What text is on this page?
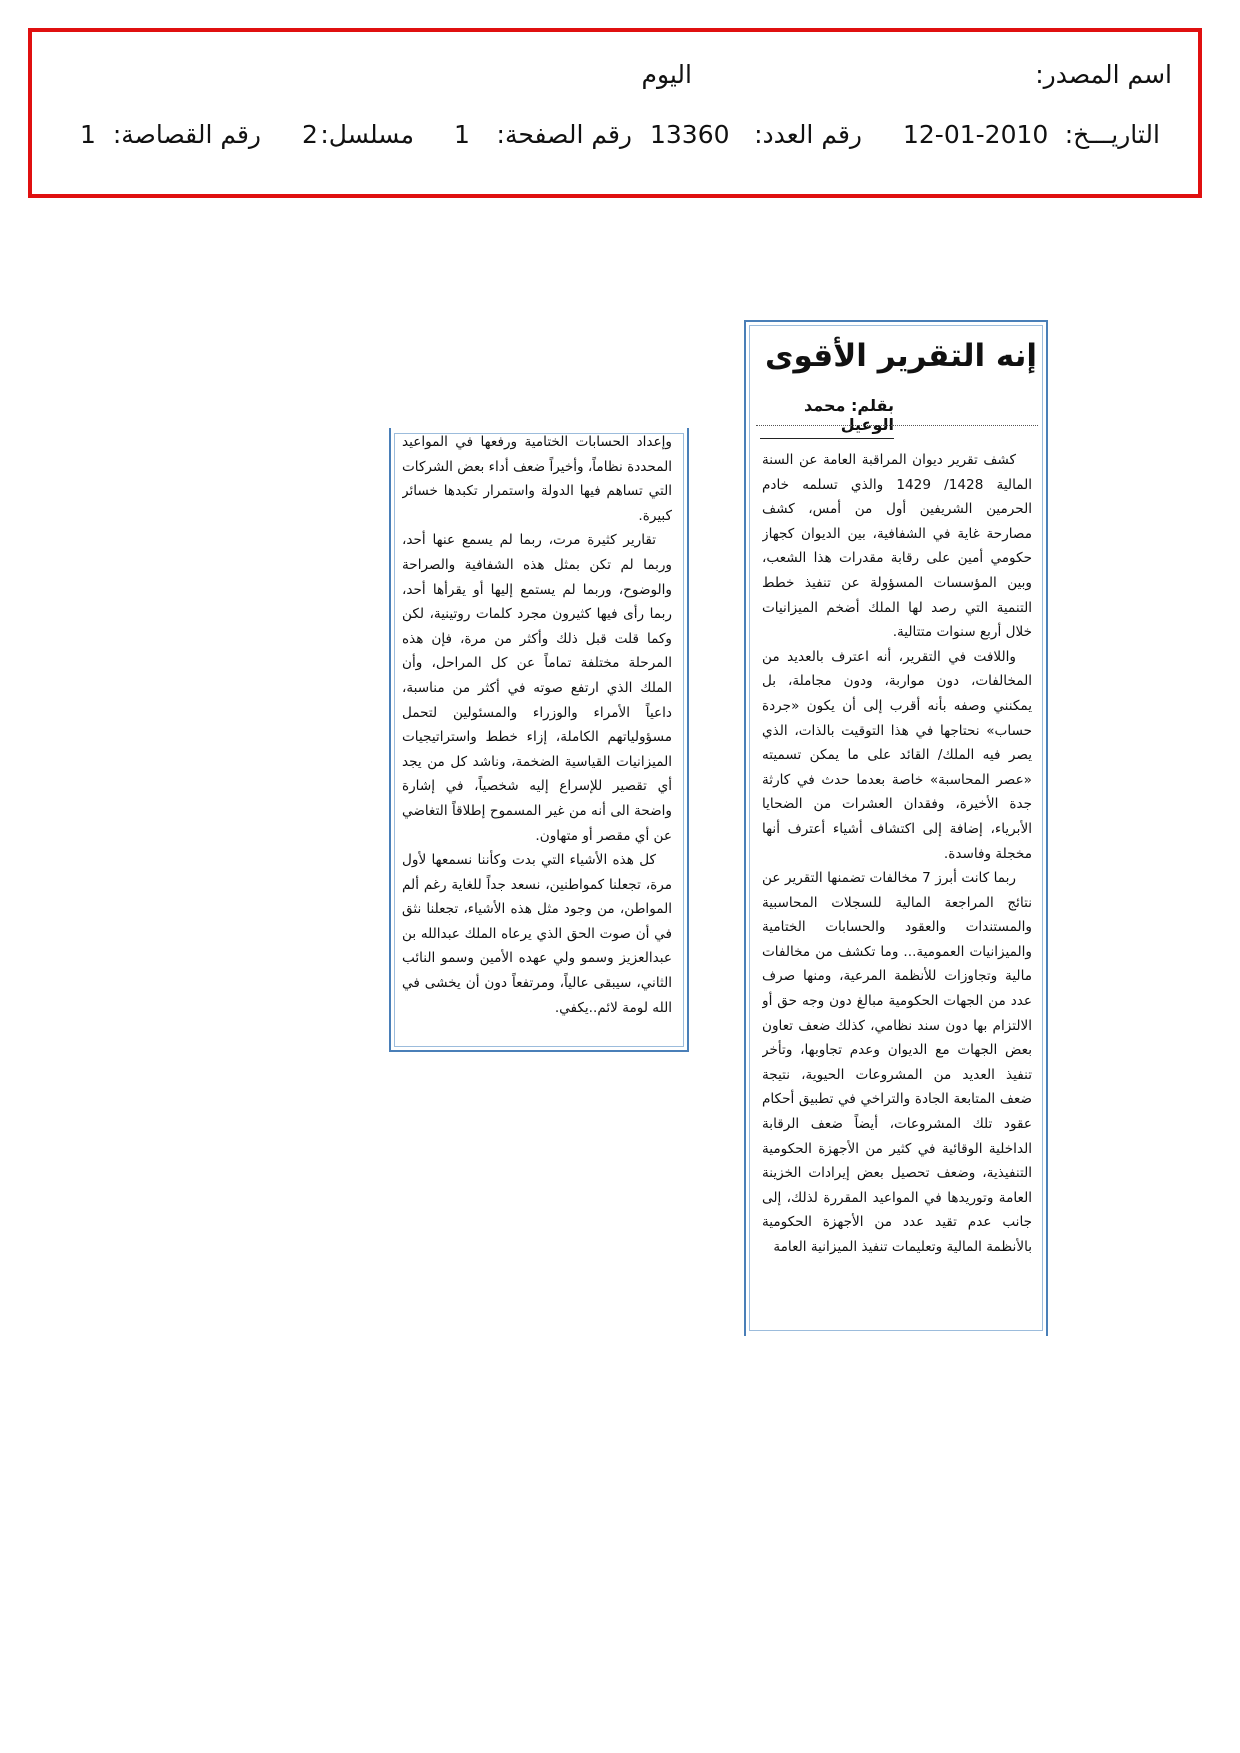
اسم المصدر:
اليوم
التاريـــخ:
12-01-2010
رقم العدد:
13360
رقم الصفحة:
1
مسلسل:
2
رقم القصاصة:
1
إنه التقرير الأقوى
بقلم: محمد الوعيل

كشف تقرير ديوان المراقبة العامة عن السنة المالية 1428/ 1429 والذي تسلمه خادم الحرمين الشريفين أول من أمس، كشف مصارحة غاية في الشفافية، بين الديوان كجهاز حكومي أمين على رقابة مقدرات هذا الشعب، وبين المؤسسات المسؤولة عن تنفيذ خطط التنمية التي رصد لها الملك أضخم الميزانيات خلال أربع سنوات متتالية.

واللافت في التقرير، أنه اعترف بالعديد من المخالفات، دون مواربة، ودون مجاملة، بل يمكنني وصفه بأنه أقرب إلى أن يكون «جردة حساب» نحتاجها في هذا التوقيت بالذات، الذي يصر فيه الملك/ القائد على ما يمكن تسميته «عصر المحاسبة» خاصة بعدما حدث في كارثة جدة الأخيرة، وفقدان العشرات من الضحايا الأبرياء، إضافة إلى اكتشاف أشياء أعترف أنها مخجلة وفاسدة.

ربما كانت أبرز 7 مخالفات تضمنها التقرير عن نتائج المراجعة المالية للسجلات المحاسبية والمستندات والعقود والحسابات الختامية والميزانيات العمومية... وما تكشف من مخالفات مالية وتجاوزات للأنظمة المرعية، ومنها صرف عدد من الجهات الحكومية مبالغ دون وجه حق أو الالتزام بها دون سند نظامي، كذلك ضعف تعاون بعض الجهات مع الديوان وعدم تجاوبها، وتأخر تنفيذ العديد من المشروعات الحيوية، نتيجة ضعف المتابعة الجادة والتراخي في تطبيق أحكام عقود تلك المشروعات، أيضاً ضعف الرقابة الداخلية الوقائية في كثير من الأجهزة الحكومية التنفيذية، وضعف تحصيل بعض إيرادات الخزينة العامة وتوريدها في المواعيد المقررة لذلك، إلى جانب عدم تقيد عدد من الأجهزة الحكومية بالأنظمة المالية وتعليمات تنفيذ الميزانية العامة

وإعداد الحسابات الختامية ورفعها في المواعيد المحددة نظاماً، وأخيراً ضعف أداء بعض الشركات التي تساهم فيها الدولة واستمرار تكبدها خسائر كبيرة.

تقارير كثيرة مرت، ربما لم يسمع عنها أحد، وربما لم تكن بمثل هذه الشفافية والصراحة والوضوح، وربما لم يستمع إليها أو يقرأها أحد، ربما رأى فيها كثيرون مجرد كلمات روتينية، لكن وكما قلت قبل ذلك وأكثر من مرة، فإن هذه المرحلة مختلفة تماماً عن كل المراحل، وأن الملك الذي ارتفع صوته في أكثر من مناسبة، داعياً الأمراء والوزراء والمسئولين لتحمل مسؤولياتهم الكاملة، إزاء خطط واستراتيجيات الميزانيات القياسية الضخمة، وناشد كل من يجد أي تقصير للإسراع إليه شخصياً، في إشارة واضحة الى أنه من غير المسموح إطلاقاً التغاضي عن أي مقصر أو متهاون.

كل هذه الأشياء التي بدت وكأننا نسمعها لأول مرة، تجعلنا كمواطنين، نسعد جداً للغاية رغم ألم المواطن، من وجود مثل هذه الأشياء، تجعلنا نثق في أن صوت الحق الذي يرعاه الملك عبدالله بن عبدالعزيز وسمو ولي عهده الأمين وسمو النائب الثاني، سيبقى عالياً، ومرتفعاً دون أن يخشى في الله لومة لائم..يكفي.
